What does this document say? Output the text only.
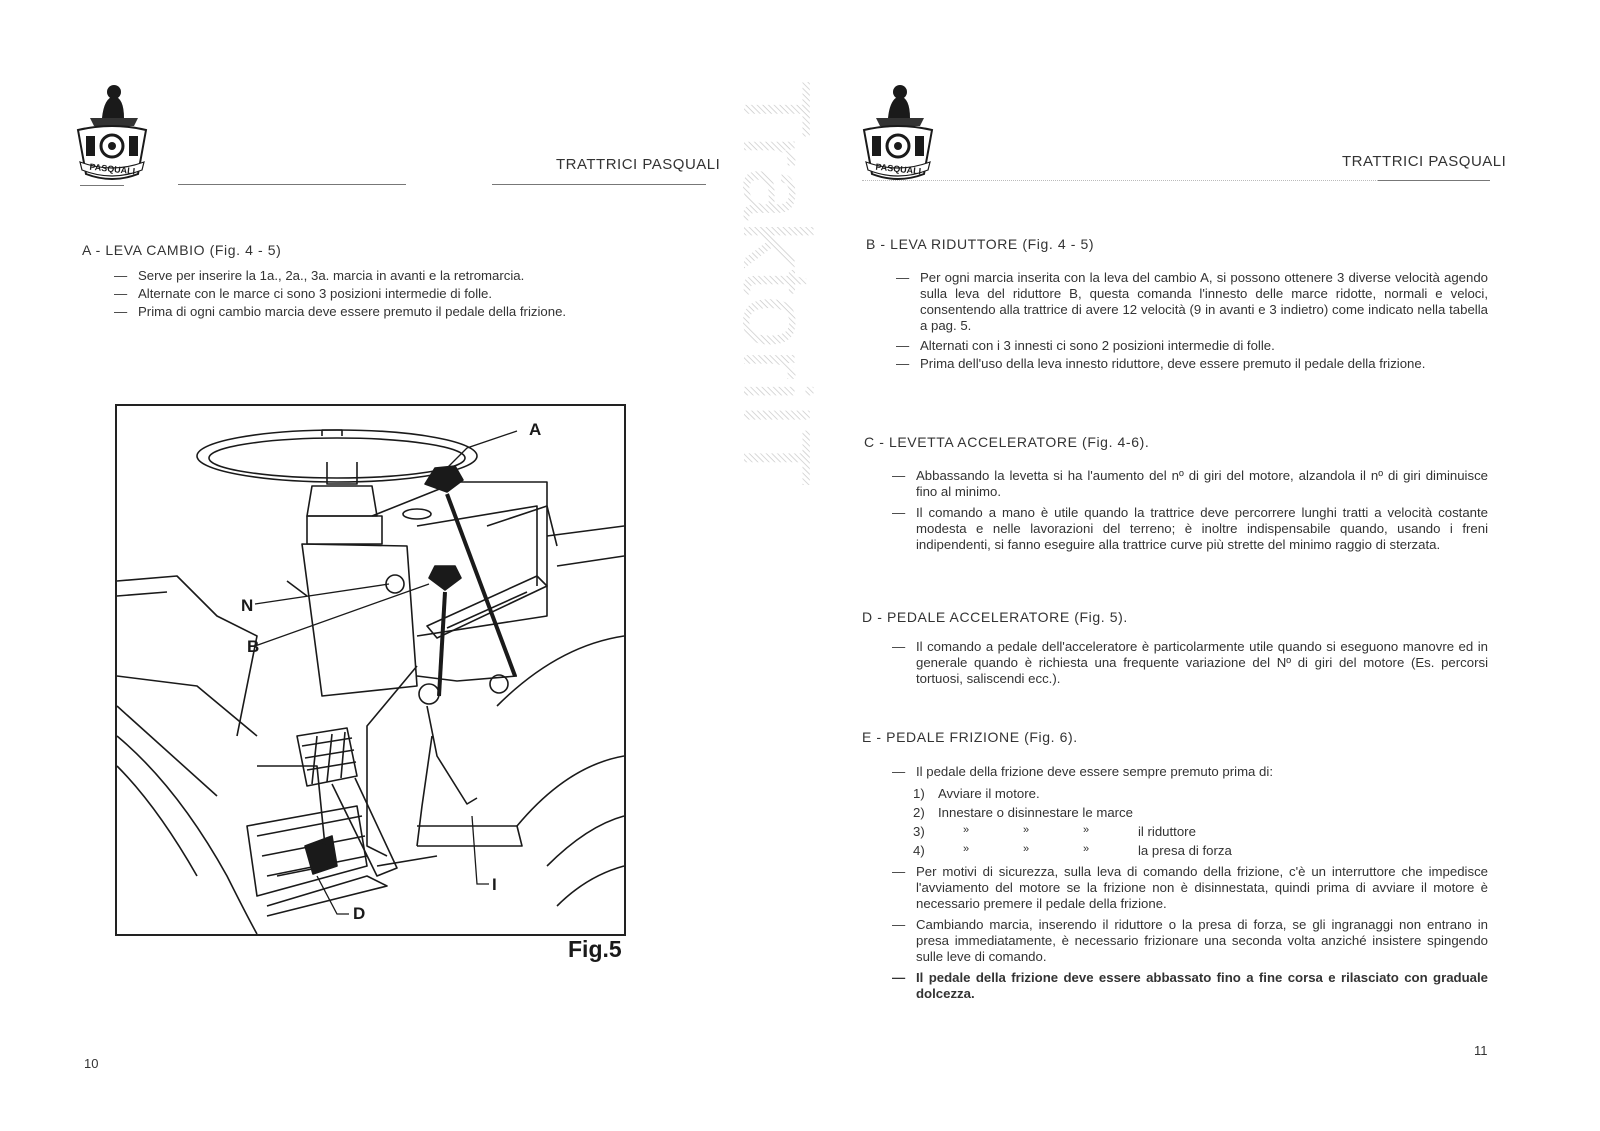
PASQUALI	TRATTRICI PASQUALI
A - LEVA CAMBIO (Fig. 4 - 5)
— Serve per inserire la 1a., 2a., 3a. marcia in avanti e la retromarcia.
— Alternate con le marce ci sono 3 posizioni intermedie di folle.
— Prima di ogni cambio marcia deve essere premuto il pedale della frizione.
A
N
B
I
D
Fig.5
10
TraktoriIT	PASQUALI	TRATTRICI PASQUALI
B - LEVA RIDUTTORE (Fig. 4 - 5)
— Per ogni marcia inserita con la leva del cambio A, si possono ottenere 3 diverse velocità agendo sulla leva del riduttore B, questa comanda l'innesto delle marce ridotte, normali e veloci, consentendo alla trattrice di avere 12 velocità (9 in avanti e 3 indietro) come indicato nella tabella a pag. 5.
— Alternati con i 3 innesti ci sono 2 posizioni intermedie di folle.
— Prima dell'uso della leva innesto riduttore, deve essere premuto il pedale della frizione.
C - LEVETTA ACCELERATORE (Fig. 4-6).
— Abbassando la levetta si ha l'aumento del nº di giri del motore, alzandola il nº di giri diminuisce fino al minimo.
— Il comando a mano è utile quando la trattrice deve percorrere lunghi tratti a velocità costante modesta e nelle lavorazioni del terreno; è inoltre indispensabile quando, usando i freni indipendenti, si fanno eseguire alla trattrice curve più strette del minimo raggio di sterzata.
D - PEDALE ACCELERATORE (Fig. 5).
— Il comando a pedale dell'acceleratore è particolarmente utile quando si eseguono manovre ed in generale quando è richiesta una frequente variazione del Nº di giri del motore (Es. percorsi tortuosi, saliscendi ecc.).
E - PEDALE FRIZIONE (Fig. 6).
— Il pedale della frizione deve essere sempre premuto prima di:
1) Avviare il motore.
2) Innestare o disinnestare le marce
3)	»	»	»	il riduttore
4)	»	»	»	la presa di forza
— Per motivi di sicurezza, sulla leva di comando della frizione, c'è un interruttore che impedisce l'avviamento del motore se la frizione non è disinnestata, quindi prima di avviare il motore è necessario premere il pedale della frizione.
— Cambiando marcia, inserendo il riduttore o la presa di forza, se gli ingranaggi non entrano in presa immediatamente, è necessario frizionare una seconda volta anziché insistere spingendo sulle leve di comando.
— Il pedale della frizione deve essere abbassato fino a fine corsa e rilasciato con graduale dolcezza.
11
